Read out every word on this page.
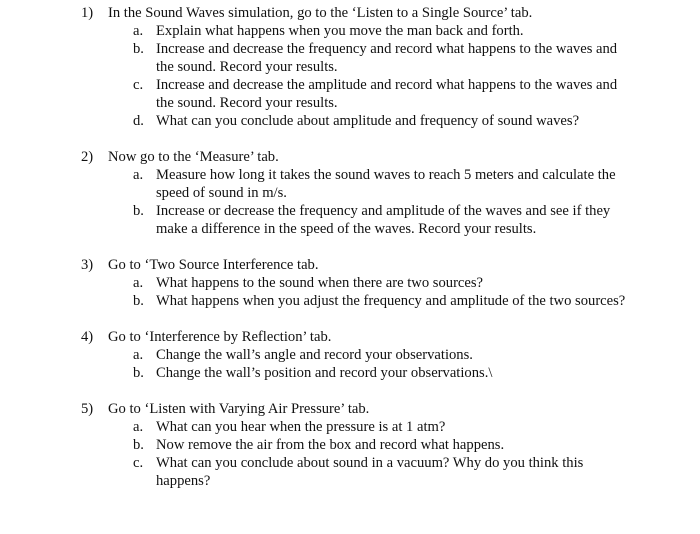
1) In the Sound Waves simulation, go to the ‘Listen to a Single Source’ tab.
a. Explain what happens when you move the man back and forth.
b. Increase and decrease the frequency and record what happens to the waves and the sound. Record your results.
c. Increase and decrease the amplitude and record what happens to the waves and the sound. Record your results.
d. What can you conclude about amplitude and frequency of sound waves?
2) Now go to the ‘Measure’ tab.
a. Measure how long it takes the sound waves to reach 5 meters and calculate the speed of sound in m/s.
b. Increase or decrease the frequency and amplitude of the waves and see if they make a difference in the speed of the waves. Record your results.
3) Go to ‘Two Source Interference tab.
a. What happens to the sound when there are two sources?
b. What happens when you adjust the frequency and amplitude of the two sources?
4) Go to ‘Interference by Reflection’ tab.
a. Change the wall’s angle and record your observations.
b. Change the wall’s position and record your observations.\
5) Go to ‘Listen with Varying Air Pressure’ tab.
a. What can you hear when the pressure is at 1 atm?
b. Now remove the air from the box and record what happens.
c. What can you conclude about sound in a vacuum? Why do you think this happens?
